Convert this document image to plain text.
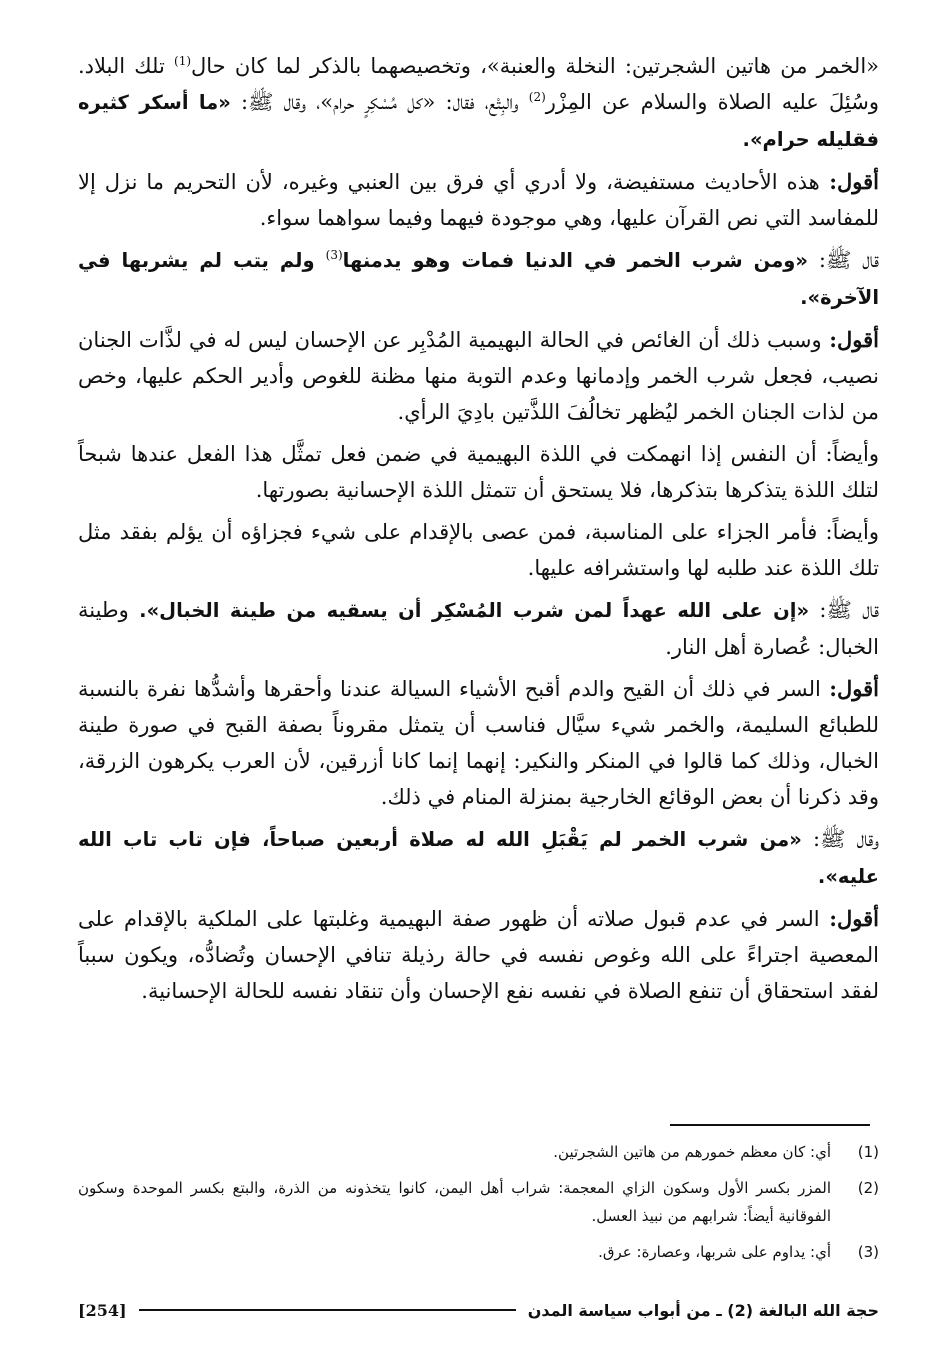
«الخمر من هاتين الشجرتين: النخلة والعنبة»، وتخصيصهما بالذكر لما كان حال$^{(1)}$ تلك البلاد. وسُئِلَ عليه الصلاة والسلام عن المِزْر$^{(2)}$ والبِتْع، فقال: «كل مُسْكِرٍ حرام»، وقال ﷺ: «ما أسكر كثيره فقليله حرام».

أقول: هذه الأحاديث مستفيضة، ولا أدري أي فرق بين العنبي وغيره، لأن التحريم ما نزل إلا للمفاسد التي نص القرآن عليها، وهي موجودة فيهما وفيما سواهما سواء.

قال ﷺ: «ومن شرب الخمر في الدنيا فمات وهو يدمنها$^{(3)}$ ولم يتب لم يشربها في الآخرة».

أقول: وسبب ذلك أن الغائص في الحالة البهيمية المُدْبِر عن الإحسان ليس له في لذَّات الجنان نصيب، فجعل شرب الخمر وإدمانها وعدم التوبة منها مظنة للغوص وأدير الحكم عليها، وخص من لذات الجنان الخمر ليُظهر تخالُفَ اللذَّتين بادِيَ الرأي.

وأيضاً: أن النفس إذا انهمكت في اللذة البهيمية في ضمن فعل تمثَّل هذا الفعل عندها شبحاً لتلك اللذة يتذكرها بتذكرها، فلا يستحق أن تتمثل اللذة الإحسانية بصورتها.

وأيضاً: فأمر الجزاء على المناسبة، فمن عصى بالإقدام على شيء فجزاؤه أن يؤلم بفقد مثل تلك اللذة عند طلبه لها واستشرافه عليها.

قال ﷺ: «إن على الله عهداً لمن شرب المُسْكِر أن يسقيه من طينة الخبال». وطينة الخبال: عُصارة أهل النار.

أقول: السر في ذلك أن القيح والدم أقبح الأشياء السيالة عندنا وأحقرها وأشدُّها نفرة بالنسبة للطبائع السليمة، والخمر شيء سيَّال فناسب أن يتمثل مقروناً بصفة القبح في صورة طينة الخبال، وذلك كما قالوا في المنكر والنكير: إنهما إنما كانا أزرقين، لأن العرب يكرهون الزرقة، وقد ذكرنا أن بعض الوقائع الخارجية بمنزلة المنام في ذلك.

وقال ﷺ: «من شرب الخمر لم يَقْبَلِ الله له صلاة أربعين صباحاً، فإن تاب تاب الله عليه».

أقول: السر في عدم قبول صلاته أن ظهور صفة البهيمية وغلبتها على الملكية بالإقدام على المعصية اجتراءً على الله وغوص نفسه في حالة رذيلة تنافي الإحسان وتُضادُّه، ويكون سبباً لفقد استحقاق أن تنفع الصلاة في نفسه نفع الإحسان وأن تنقاد نفسه للحالة الإحسانية.

(1)
أي: كان معظم خمورهم من هاتين الشجرتين.
(2)
المزر بكسر الأول وسكون الزاي المعجمة: شراب أهل اليمن، كانوا يتخذونه من الذرة، والبتع بكسر الموحدة وسكون الفوقانية أيضاً: شرابهم من نبيذ العسل.
(3)
أي: يداوم على شربها، وعصارة: عرق.
حجة الله البالغة (2) ـ من أبواب سياسة المدن
[254]
